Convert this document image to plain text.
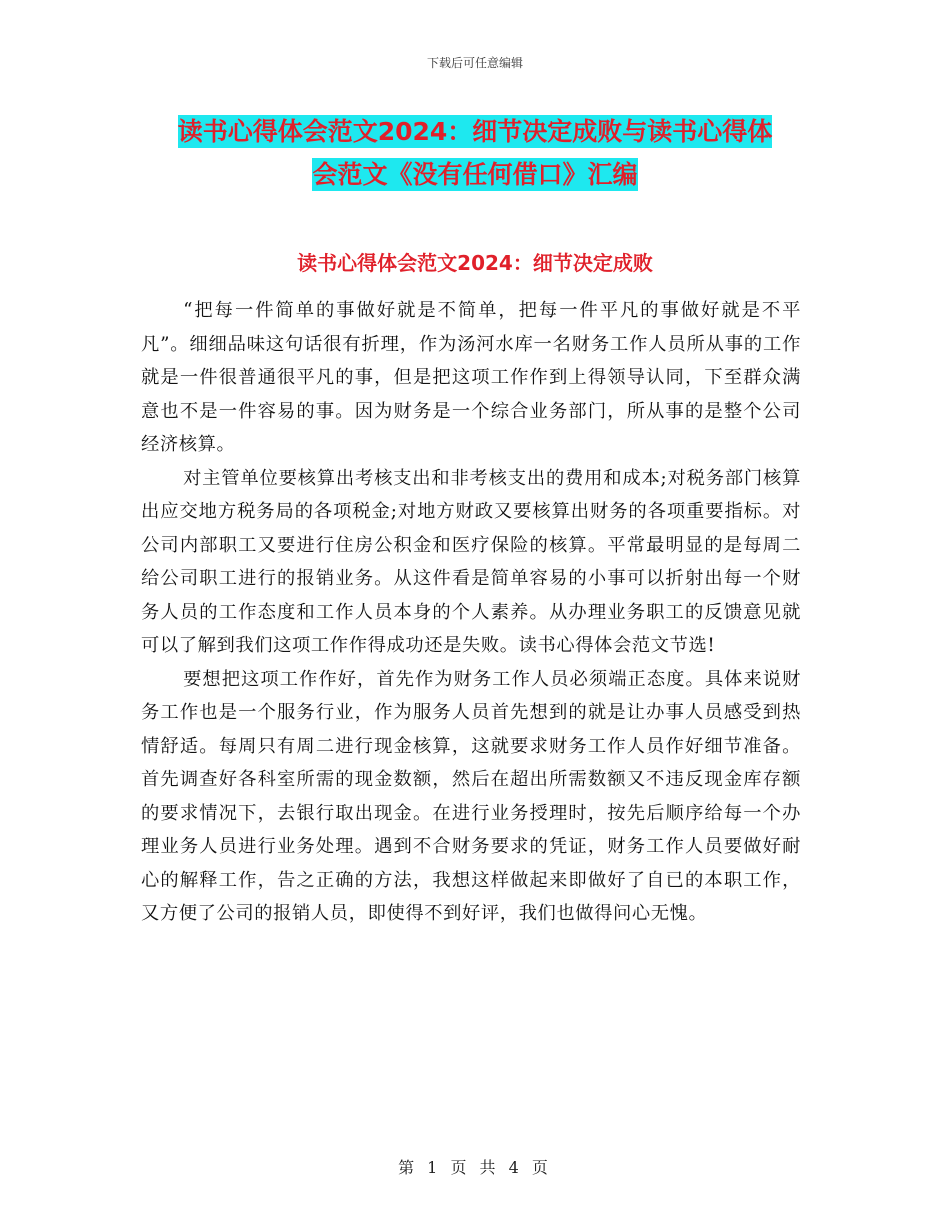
下载后可任意编辑
读书心得体会范文2024：细节决定成败与读书心得体
会范文《没有任何借口》汇编
读书心得体会范文2024：细节决定成败

“把每一件简单的事做好就是不简单，把每一件平凡的事做好就是不平凡”。细细品味这句话很有折理，作为汤河水库一名财务工作人员所从事的工作就是一件很普通很平凡的事，但是把这项工作作到上得领导认同，下至群众满意也不是一件容易的事。因为财务是一个综合业务部门，所从事的是整个公司经济核算。

对主管单位要核算出考核支出和非考核支出的费用和成本;对税务部门核算出应交地方税务局的各项税金;对地方财政又要核算出财务的各项重要指标。对公司内部职工又要进行住房公积金和医疗保险的核算。平常最明显的是每周二给公司职工进行的报销业务。从这件看是简单容易的小事可以折射出每一个财务人员的工作态度和工作人员本身的个人素养。从办理业务职工的反馈意见就可以了解到我们这项工作作得成功还是失败。读书心得体会范文节选!

要想把这项工作作好，首先作为财务工作人员必须端正态度。具体来说财务工作也是一个服务行业，作为服务人员首先想到的就是让办事人员感受到热情舒适。每周只有周二进行现金核算，这就要求财务工作人员作好细节准备。首先调查好各科室所需的现金数额，然后在超出所需数额又不违反现金库存额的要求情况下，去银行取出现金。在进行业务授理时，按先后顺序给每一个办理业务人员进行业务处理。遇到不合财务要求的凭证，财务工作人员要做好耐心的解释工作，告之正确的方法，我想这样做起来即做好了自已的本职工作，又方便了公司的报销人员，即使得不到好评，我们也做得问心无愧。

第 1 页 共 4 页
